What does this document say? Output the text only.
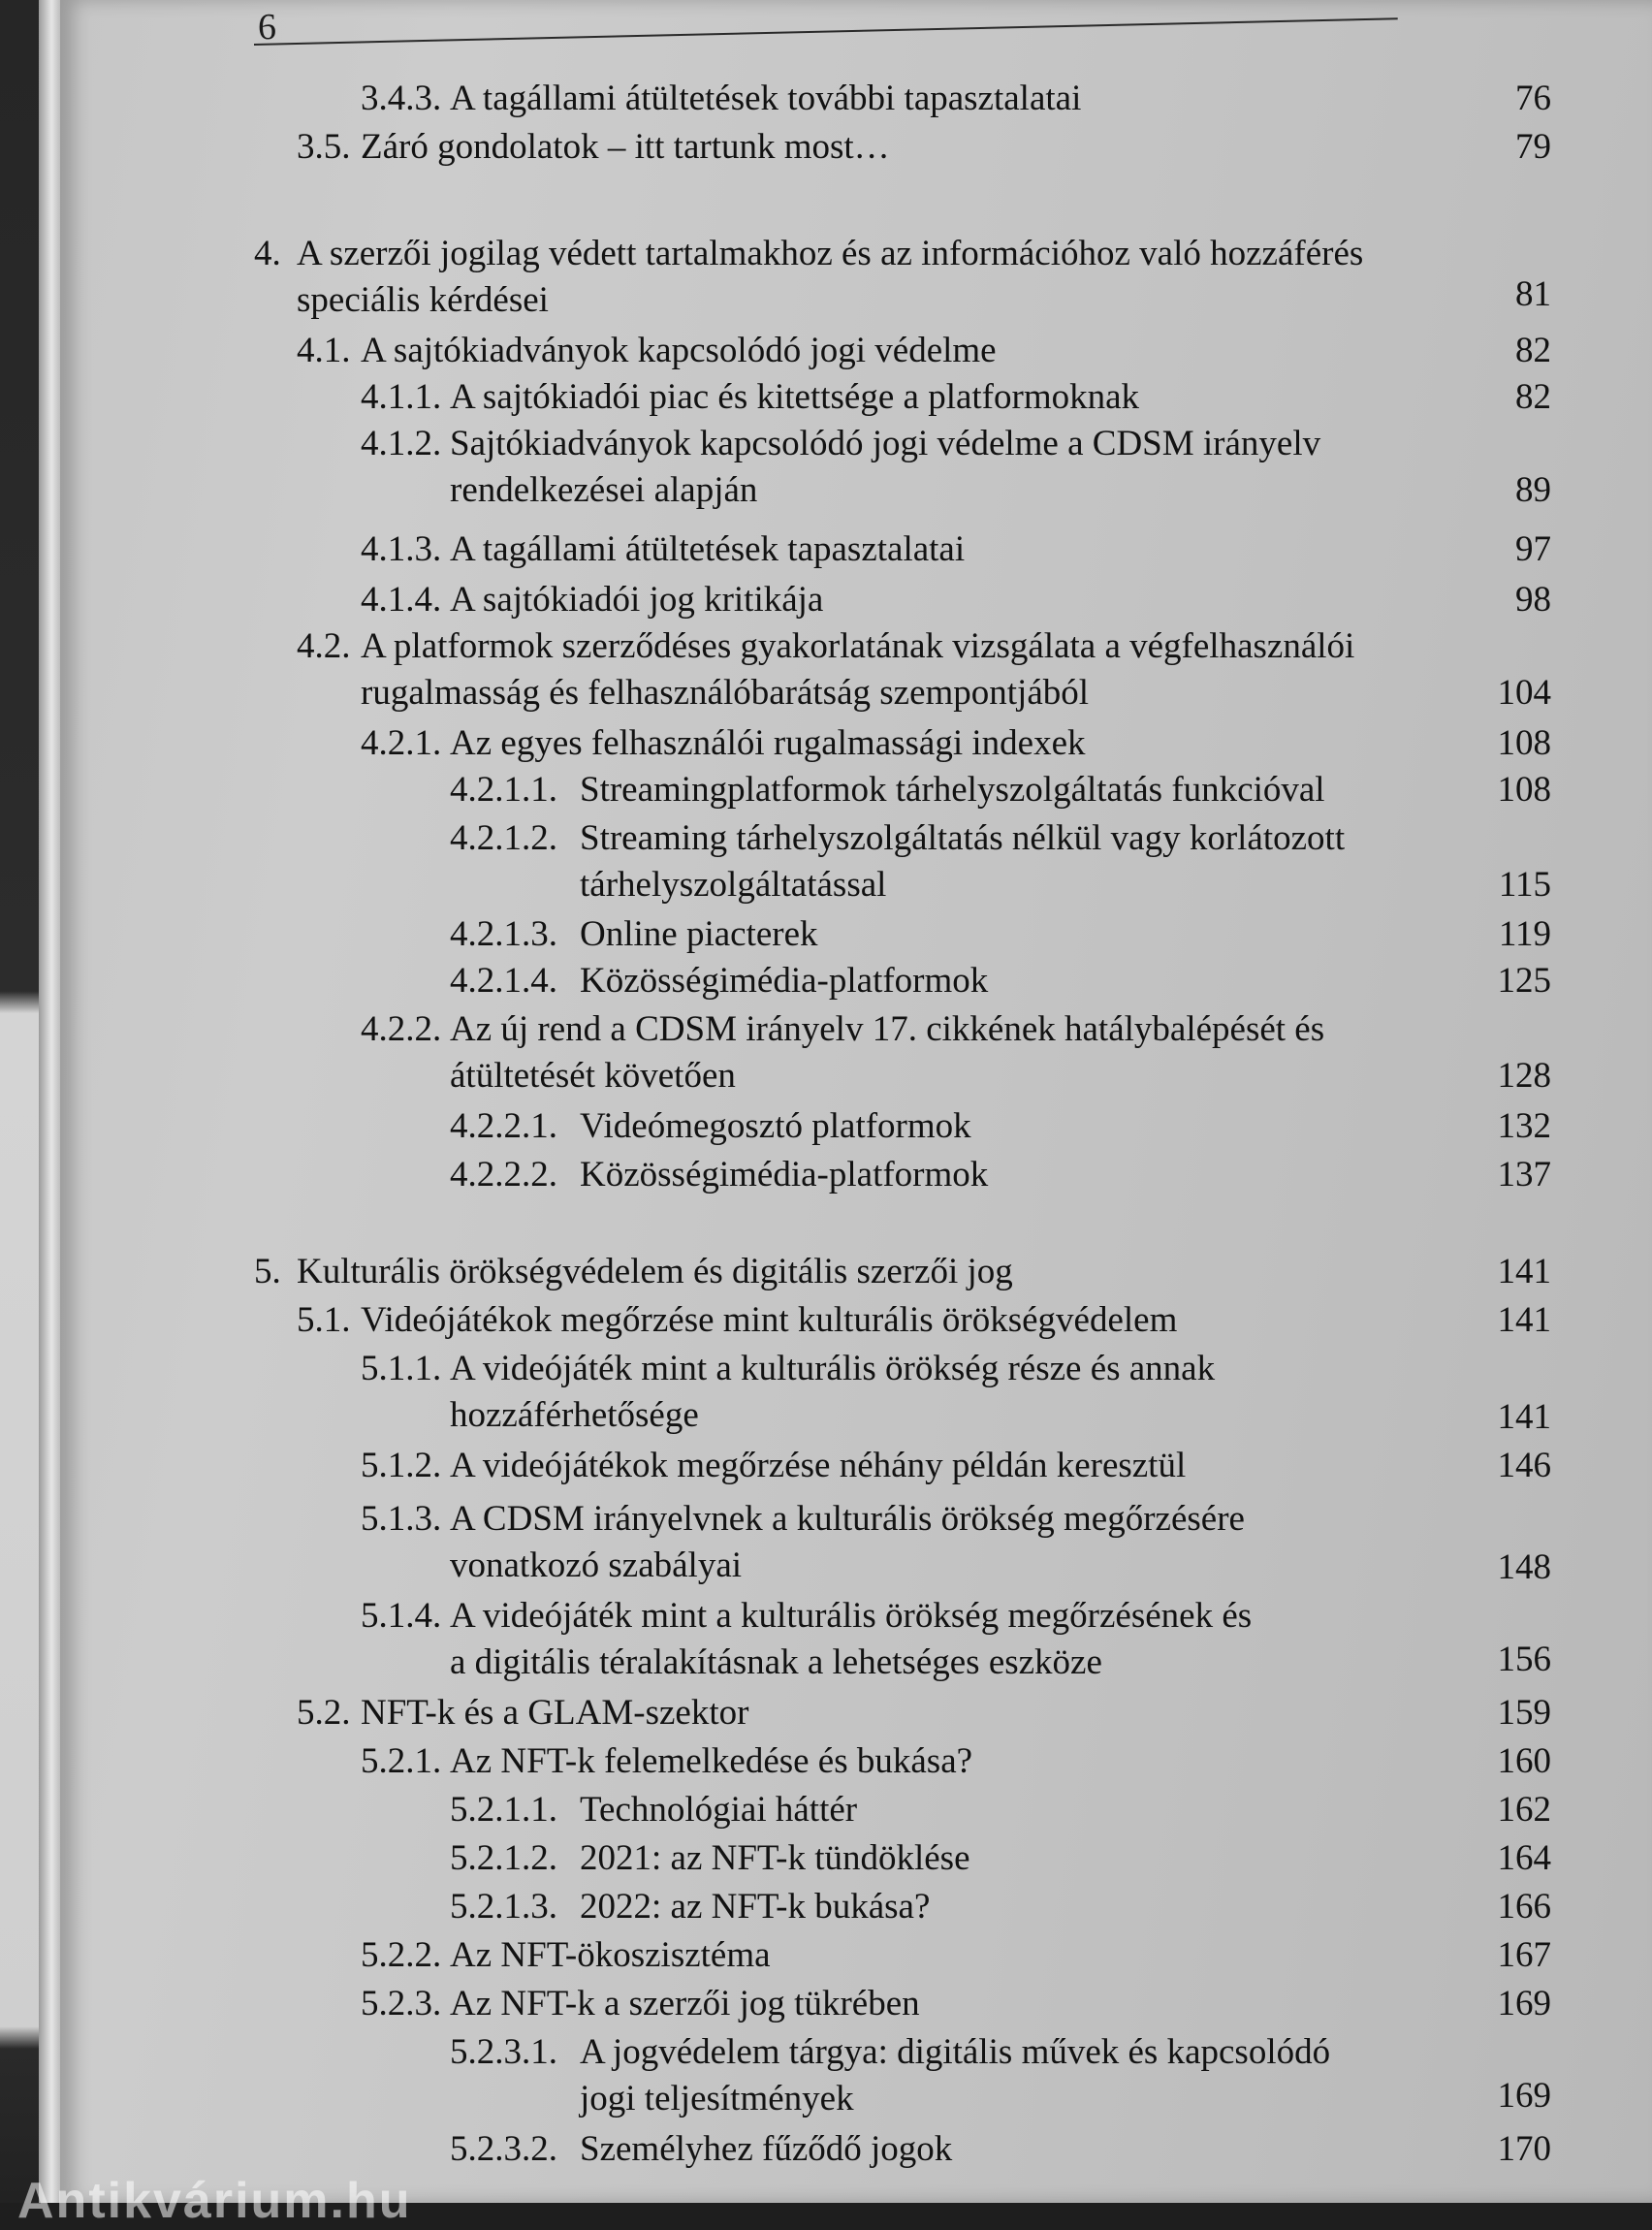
6
3.4.3. A tagállami átültetések további tapasztalatai	76
3.5. Záró gondolatok – itt tartunk most…	79
4. A szerzői jogilag védett tartalmakhoz és az információhoz való hozzáférés
speciális kérdései	81
4.1. A sajtókiadványok kapcsolódó jogi védelme	82
4.1.1. A sajtókiadói piac és kitettsége a platformoknak	82
4.1.2. Sajtókiadványok kapcsolódó jogi védelme a CDSM irányelv
rendelkezései alapján	89
4.1.3. A tagállami átültetések tapasztalatai	97
4.1.4. A sajtókiadói jog kritikája	98
4.2. A platformok szerződéses gyakorlatának vizsgálata a végfelhasználói
rugalmasság és felhasználóbarátság szempontjából	104
4.2.1. Az egyes felhasználói rugalmassági indexek	108
4.2.1.1. Streamingplatformok tárhelyszolgáltatás funkcióval	108
4.2.1.2. Streaming tárhelyszolgáltatás nélkül vagy korlátozott
tárhelyszolgáltatással	115
4.2.1.3. Online piacterek	119
4.2.1.4. Közösségimédia-platformok	125
4.2.2. Az új rend a CDSM irányelv 17. cikkének hatálybalépését és
átültetését követően	128
4.2.2.1. Videómegosztó platformok	132
4.2.2.2. Közösségimédia-platformok	137
5. Kulturális örökségvédelem és digitális szerzői jog	141
5.1. Videójátékok megőrzése mint kulturális örökségvédelem	141
5.1.1. A videójáték mint a kulturális örökség része és annak
hozzáférhetősége	141
5.1.2. A videójátékok megőrzése néhány példán keresztül	146
5.1.3. A CDSM irányelvnek a kulturális örökség megőrzésére
vonatkozó szabályai	148
5.1.4. A videójáték mint a kulturális örökség megőrzésének és
a digitális téralakításnak a lehetséges eszköze	156
5.2. NFT-k és a GLAM-szektor	159
5.2.1. Az NFT-k felemelkedése és bukása?	160
5.2.1.1. Technológiai háttér	162
5.2.1.2. 2021: az NFT-k tündöklése	164
5.2.1.3. 2022: az NFT-k bukása?	166
5.2.2. Az NFT-ökoszisztéma	167
5.2.3. Az NFT-k a szerzői jog tükrében	169
5.2.3.1. A jogvédelem tárgya: digitális művek és kapcsolódó
jogi teljesítmények	169
5.2.3.2. Személyhez fűződő jogok	170
Antikvárium.hu
